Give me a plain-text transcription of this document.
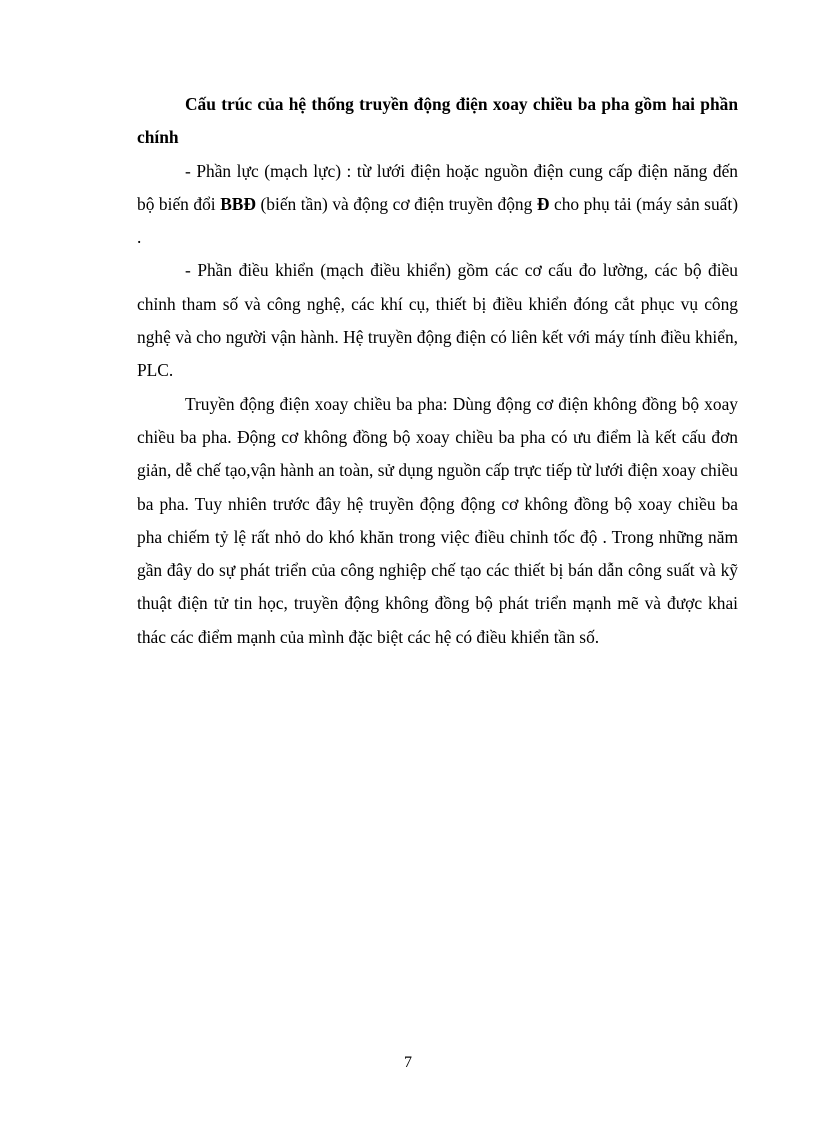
Cấu trúc của hệ thống truyền động điện xoay chiều ba pha gồm hai phần chính

- Phần lực (mạch lực) : từ lưới điện hoặc nguồn điện cung cấp điện năng đến bộ biến đổi BBĐ (biến tần) và động cơ điện truyền động Đ cho phụ tải (máy sản suất) .

- Phần điều khiển (mạch điều khiển) gồm các cơ cấu đo lường, các bộ điều chỉnh tham số và công nghệ, các khí cụ, thiết bị điều khiển đóng cắt phục vụ công nghệ và cho người vận hành. Hệ truyền động điện có liên kết với máy tính điều khiển, PLC.

Truyền động điện xoay chiều ba pha: Dùng động cơ điện không đồng bộ xoay chiều ba pha. Động cơ không đồng bộ xoay chiều ba pha có ưu điểm là kết cấu đơn giản, dễ chế tạo,vận hành an toàn, sử dụng nguồn cấp trực tiếp từ lưới điện xoay chiều ba pha. Tuy nhiên trước đây hệ truyền động động cơ không đồng bộ xoay chiều ba pha chiếm tỷ lệ rất nhỏ do khó khăn trong việc điều chỉnh tốc độ . Trong những năm gần đây do sự phát triển của công nghiệp chế tạo các thiết bị bán dẫn công suất và kỹ thuật điện tử tin học, truyền động không đồng bộ phát triển mạnh mẽ và được khai thác các điểm mạnh của mình đặc biệt các hệ có điều khiển tần số.

7
